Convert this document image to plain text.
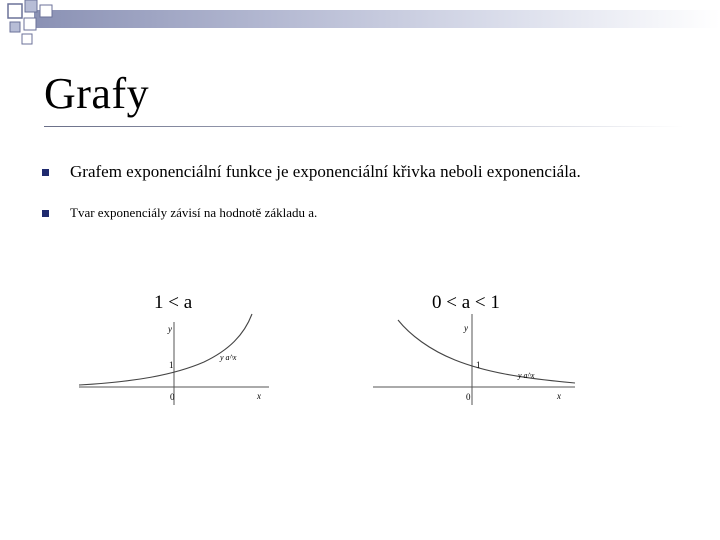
Grafy
Grafem exponenciální funkce je exponenciální křivka neboli exponenciála.
Tvar exponenciály závisí na hodnotě základu a.
1 < a
y
x
0
1
y a^x
0 < a < 1
y
x
0
1
y a^x
